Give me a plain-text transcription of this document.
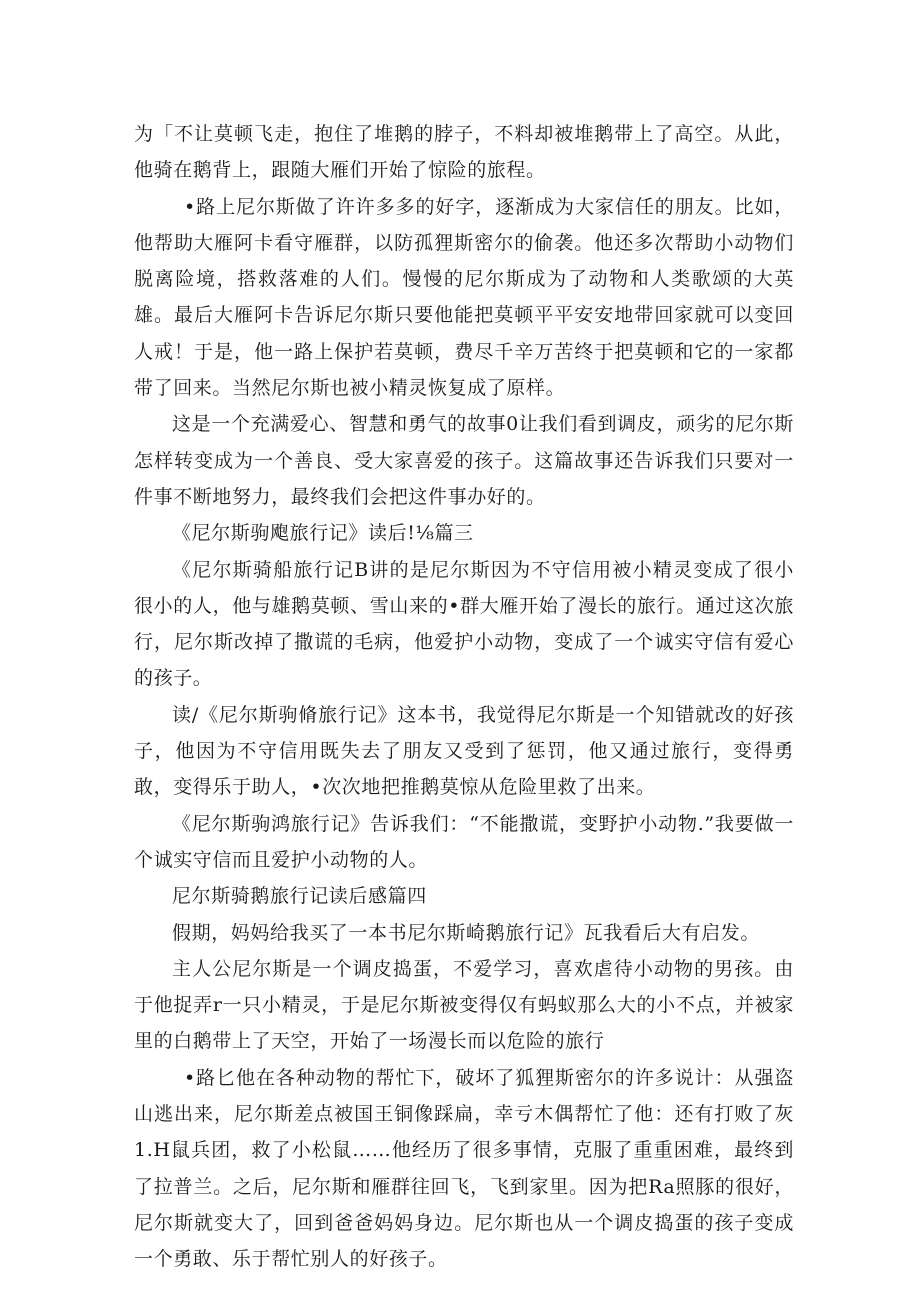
为「不让莫顿飞走，抱住了堆鹅的脖子，不料却被堆鹅带上了高空。从此，他骑在鹅背上，跟随大雁们开始了惊险的旅程。

•路上尼尔斯做了许许多多的好字，逐渐成为大家信任的朋友。比如，他帮助大雁阿卡看守雁群，以防孤狸斯密尔的偷袭。他还多次帮助小动物们脱离险境，搭救落难的人们。慢慢的尼尔斯成为了动物和人类歌颂的大英雄。最后大雁阿卡告诉尼尔斯只要他能把莫顿平平安安地带回家就可以变回人戒！于是，他一路上保护若莫顿，费尽千辛万苦终于把莫顿和它的一家都带了回来。当然尼尔斯也被小精灵恢复成了原样。

这是一个充满爱心、智慧和勇气的故事0让我们看到调皮，顽劣的尼尔斯怎样转变成为一个善良、受大家喜爱的孩子。这篇故事还告诉我们只要对一件事不断地努力，最终我们会把这件事办好的。

《尼尔斯驹飑旅行记》读后!⅛篇三

《尼尔斯骑船旅行记B讲的是尼尔斯因为不守信用被小精灵变成了很小很小的人，他与雄鹅莫顿、雪山来的•群大雁开始了漫长的旅行。通过这次旅行，尼尔斯改掉了撒谎的毛病，他爱护小动物，变成了一个诚实守信有爱心的孩子。

读/《尼尔斯驹脩旅行记》这本书，我觉得尼尔斯是一个知错就改的好孩子，他因为不守信用既失去了朋友又受到了惩罚，他又通过旅行，变得勇敢，变得乐于助人，•次次地把推鹅莫惊从危险里救了出来。

《尼尔斯驹鸿旅行记》告诉我们：“不能撒谎，变野护小动物.”我要做一个诚实守信而且爱护小动物的人。

尼尔斯骑鹅旅行记读后感篇四

假期，妈妈给我买了一本书尼尔斯崎鹅旅行记》瓦我看后大有启发。

主人公尼尔斯是一个调皮捣蛋，不爱学习，喜欢虐待小动物的男孩。由于他捉弄r一只小精灵，于是尼尔斯被变得仅有蚂蚁那么大的小不点，并被家里的白鹅带上了天空，开始了一场漫长而以危险的旅行

•路匕他在各种动物的帮忙下，破坏了狐狸斯密尔的许多说计：从强盗山逃出来，尼尔斯差点被国王铜像踩扁，幸亏木偶帮忙了他：还有打败了灰1.H鼠兵团，救了小松鼠……他经历了很多事情，克服了重重困难，最终到了拉普兰。之后，尼尔斯和雁群往回飞，飞到家里。因为把Ra照豚的很好，尼尔斯就变大了，回到爸爸妈妈身边。尼尔斯也从一个调皮捣蛋的孩子变成一个勇敢、乐于帮忙别人的好孩子。
